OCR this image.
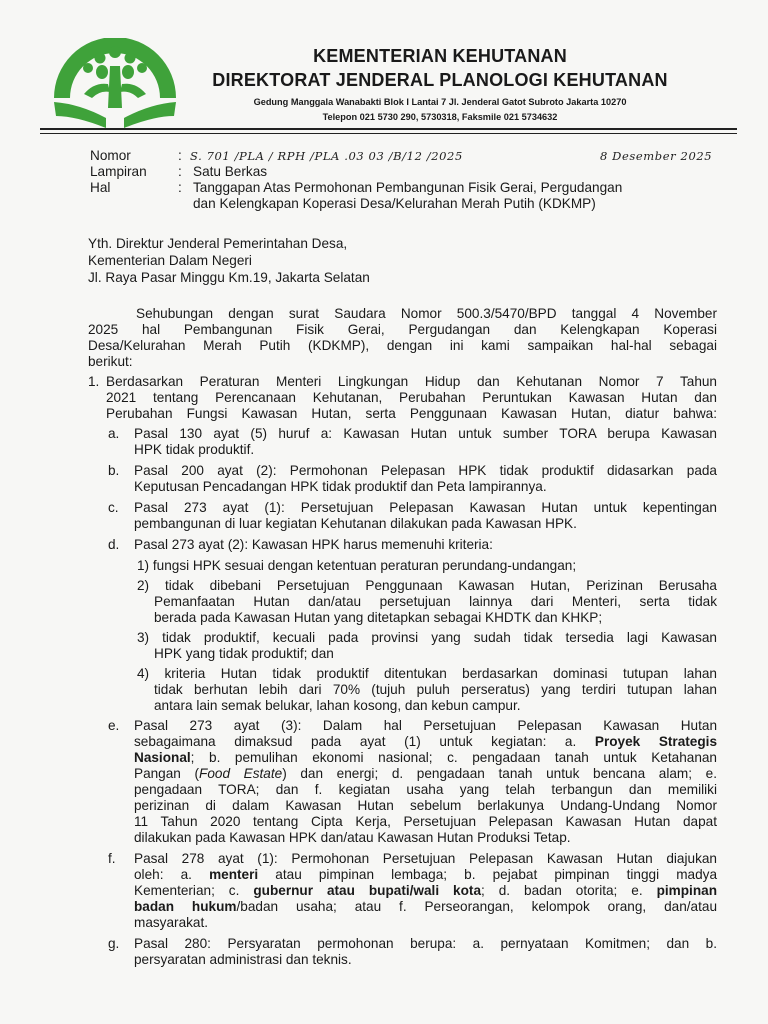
KEMENTERIAN KEHUTANAN
DIREKTORAT JENDERAL PLANOLOGI KEHUTANAN
Gedung Manggala Wanabakti Blok I Lantai 7 Jl. Jenderal Gatot Subroto Jakarta 10270
Telepon 021 5730 290, 5730318, Faksmile 021 5734632
Nomor	: S. 701 /PLA / RPH /PLA .03 03 /B/12 /2025	8 Desember 2025
Lampiran : Satu Berkas
Hal	: Tanggapan Atas Permohonan Pembangunan Fisik Gerai, Pergudangan
dan Kelengkapan Koperasi Desa/Kelurahan Merah Putih (KDKMP)
Yth. Direktur Jenderal Pemerintahan Desa,
Kementerian Dalam Negeri
Jl. Raya Pasar Minggu Km.19, Jakarta Selatan
Sehubungan dengan surat Saudara Nomor 500.3/5470/BPD tanggal 4 November
2025 hal Pembangunan Fisik Gerai, Pergudangan dan Kelengkapan Koperasi
Desa/Kelurahan Merah Putih (KDKMP), dengan ini kami sampaikan hal-hal sebagai
berikut:
1. Berdasarkan Peraturan Menteri Lingkungan Hidup dan Kehutanan Nomor 7 Tahun
2021 tentang Perencanaan Kehutanan, Perubahan Peruntukan Kawasan Hutan dan
Perubahan Fungsi Kawasan Hutan, serta Penggunaan Kawasan Hutan, diatur bahwa:
a. Pasal 130 ayat (5) huruf a: Kawasan Hutan untuk sumber TORA berupa Kawasan
HPK tidak produktif.
b. Pasal 200 ayat (2): Permohonan Pelepasan HPK tidak produktif didasarkan pada
Keputusan Pencadangan HPK tidak produktif dan Peta lampirannya.
c. Pasal 273 ayat (1): Persetujuan Pelepasan Kawasan Hutan untuk kepentingan
pembangunan di luar kegiatan Kehutanan dilakukan pada Kawasan HPK.
d. Pasal 273 ayat (2): Kawasan HPK harus memenuhi kriteria:
1) fungsi HPK sesuai dengan ketentuan peraturan perundang-undangan;
2) tidak dibebani Persetujuan Penggunaan Kawasan Hutan, Perizinan Berusaha
Pemanfaatan Hutan dan/atau persetujuan lainnya dari Menteri, serta tidak
berada pada Kawasan Hutan yang ditetapkan sebagai KHDTK dan KHKP;
3) tidak produktif, kecuali pada provinsi yang sudah tidak tersedia lagi Kawasan
HPK yang tidak produktif; dan
4) kriteria Hutan tidak produktif ditentukan berdasarkan dominasi tutupan lahan
tidak berhutan lebih dari 70% (tujuh puluh perseratus) yang terdiri tutupan lahan
antara lain semak belukar, lahan kosong, dan kebun campur.
e. Pasal 273 ayat (3): Dalam hal Persetujuan Pelepasan Kawasan Hutan
sebagaimana dimaksud pada ayat (1) untuk kegiatan: a. Proyek Strategis
Nasional; b. pemulihan ekonomi nasional; c. pengadaan tanah untuk Ketahanan
Pangan (Food Estate) dan energi; d. pengadaan tanah untuk bencana alam; e.
pengadaan TORA; dan f. kegiatan usaha yang telah terbangun dan memiliki
perizinan di dalam Kawasan Hutan sebelum berlakunya Undang-Undang Nomor
11 Tahun 2020 tentang Cipta Kerja, Persetujuan Pelepasan Kawasan Hutan dapat
dilakukan pada Kawasan HPK dan/atau Kawasan Hutan Produksi Tetap.
f. Pasal 278 ayat (1): Permohonan Persetujuan Pelepasan Kawasan Hutan diajukan
oleh: a. menteri atau pimpinan lembaga; b. pejabat pimpinan tinggi madya
Kementerian; c. gubernur atau bupati/wali kota; d. badan otorita; e. pimpinan
badan hukum/badan usaha; atau f. Perseorangan, kelompok orang, dan/atau
masyarakat.
g. Pasal 280: Persyaratan permohonan berupa: a. pernyataan Komitmen; dan b.
persyaratan administrasi dan teknis.
